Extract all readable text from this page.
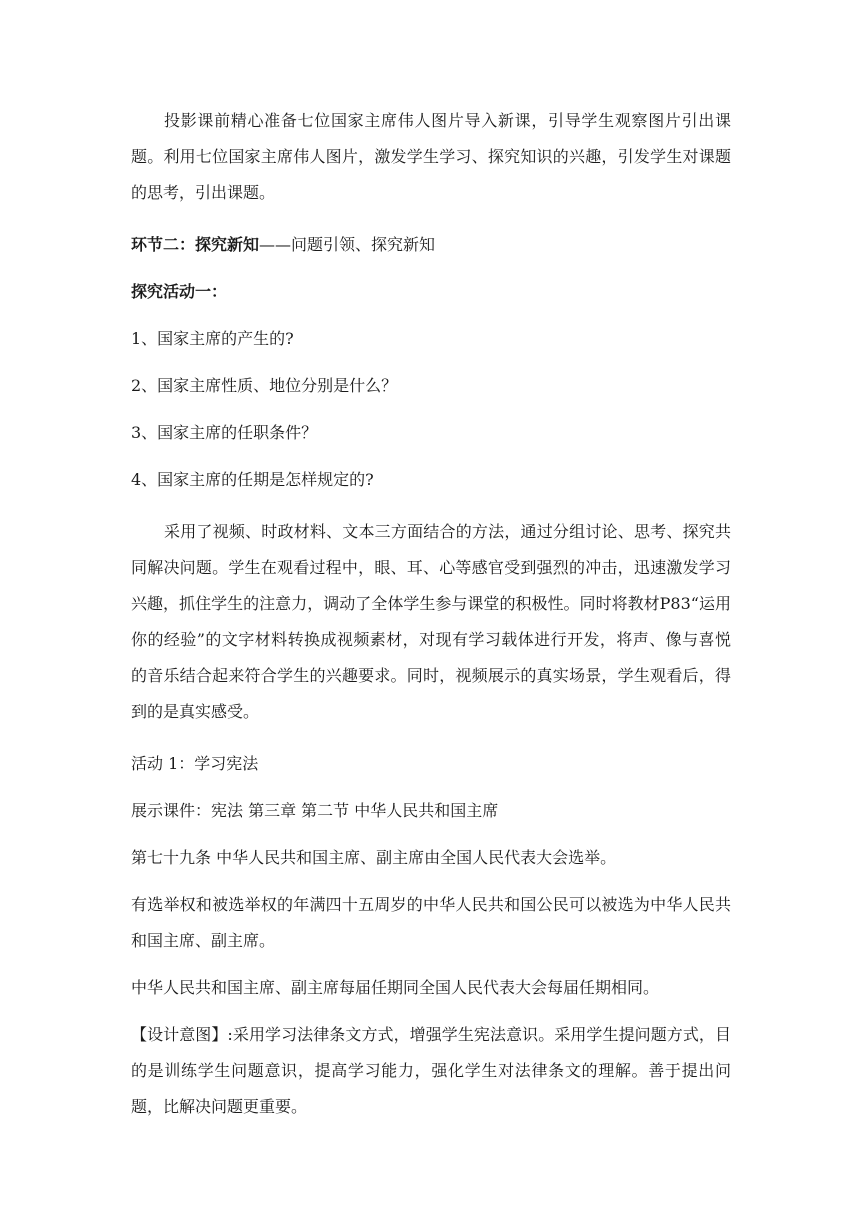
投影课前精心准备七位国家主席伟人图片导入新课，引导学生观察图片引出课题。利用七位国家主席伟人图片，激发学生学习、探究知识的兴趣，引发学生对课题的思考，引出课题。

环节二：探究新知——问题引领、探究新知

探究活动一：

1、国家主席的产生的?

2、国家主席性质、地位分别是什么？

3、国家主席的任职条件？

4、国家主席的任期是怎样规定的?

采用了视频、时政材料、文本三方面结合的方法，通过分组讨论、思考、探究共同解决问题。学生在观看过程中，眼、耳、心等感官受到强烈的冲击，迅速激发学习兴趣，抓住学生的注意力，调动了全体学生参与课堂的积极性。同时将教材P83“运用你的经验”的文字材料转换成视频素材，对现有学习载体进行开发，将声、像与喜悦的音乐结合起来符合学生的兴趣要求。同时，视频展示的真实场景，学生观看后，得到的是真实感受。

活动 1：学习宪法

展示课件：宪法 第三章 第二节 中华人民共和国主席

第七十九条 中华人民共和国主席、副主席由全国人民代表大会选举。

有选举权和被选举权的年满四十五周岁的中华人民共和国公民可以被选为中华人民共和国主席、副主席。

中华人民共和国主席、副主席每届任期同全国人民代表大会每届任期相同。

【设计意图】:采用学习法律条文方式，增强学生宪法意识。采用学生提问题方式，目的是训练学生问题意识，提高学习能力，强化学生对法律条文的理解。善于提出问题，比解决问题更重要。
